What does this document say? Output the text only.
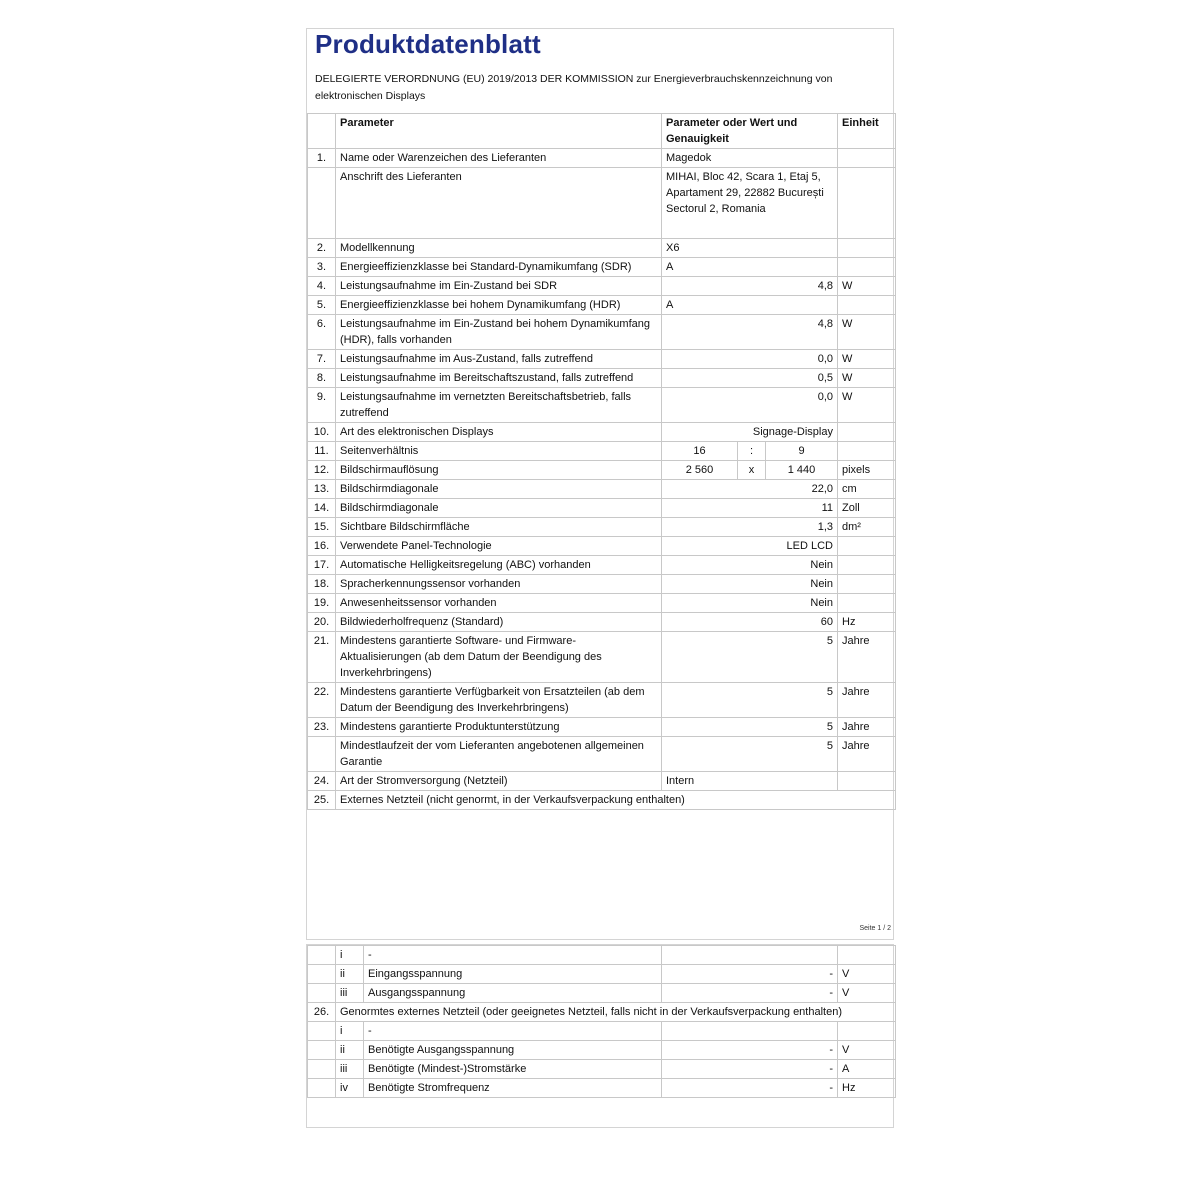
Produktdatenblatt
DELEGIERTE VERORDNUNG (EU) 2019/2013 DER KOMMISSION zur Energieverbrauchskennzeichnung von elektronischen Displays
	Parameter	Parameter oder Wert und Genauigkeit			Einheit
1.	Name oder Warenzeichen des Lieferanten	Magedok			
	Anschrift des Lieferanten	MIHAI, Bloc 42, Scara 1, Etaj 5, Apartament 29, 22882 București Sectorul 2, Romania			
2.	Modellkennung	X6			
3.	Energieeffizienzklasse bei Standard-Dynamikumfang (SDR)	A			
4.	Leistungsaufnahme im Ein-Zustand bei SDR	4,8			W
5.	Energieeffizienzklasse bei hohem Dynamikumfang (HDR)	A			
6.	Leistungsaufnahme im Ein-Zustand bei hohem Dynamikumfang (HDR), falls vorhanden	4,8			W
7.	Leistungsaufnahme im Aus-Zustand, falls zutreffend	0,0			W
8.	Leistungsaufnahme im Bereitschaftszustand, falls zutreffend	0,5			W
9.	Leistungsaufnahme im vernetzten Bereitschaftsbetrieb, falls zutreffend	0,0			W
10.	Art des elektronischen Displays	Signage-Display			
11.	Seitenverhältnis	16	:	9	
12.	Bildschirmauflösung	2 560	x	1 440	pixels
13.	Bildschirmdiagonale	22,0			cm
14.	Bildschirmdiagonale	11			Zoll
15.	Sichtbare Bildschirmfläche	1,3			dm²
16.	Verwendete Panel-Technologie	LED LCD			
17.	Automatische Helligkeitsregelung (ABC) vorhanden	Nein			
18.	Spracherkennungssensor vorhanden	Nein			
19.	Anwesenheitssensor vorhanden	Nein			
20.	Bildwiederholfrequenz (Standard)	60			Hz
21.	Mindestens garantierte Software- und Firmware-Aktualisierungen (ab dem Datum der Beendigung des Inverkehrbringens)	5			Jahre
22.	Mindestens garantierte Verfügbarkeit von Ersatzteilen (ab dem Datum der Beendigung des Inverkehrbringens)	5			Jahre
23.	Mindestens garantierte Produktunterstützung	5			Jahre
	Mindestlaufzeit der vom Lieferanten angebotenen allgemeinen Garantie	5			Jahre
24.	Art der Stromversorgung (Netzteil)	Intern			
25.	Externes Netzteil (nicht genormt, in der Verkaufsverpackung enthalten)				
Seite 1 / 2
	i	-		
	ii	Eingangsspannung	-	V
	iii	Ausgangsspannung	-	V
26.	Genormtes externes Netzteil (oder geeignetes Netzteil, falls nicht in der Verkaufsverpackung enthalten)			
	i	-		
	ii	Benötigte Ausgangsspannung	-	V
	iii	Benötigte (Mindest-)Stromstärke	-	A
	iv	Benötigte Stromfrequenz	-	Hz
